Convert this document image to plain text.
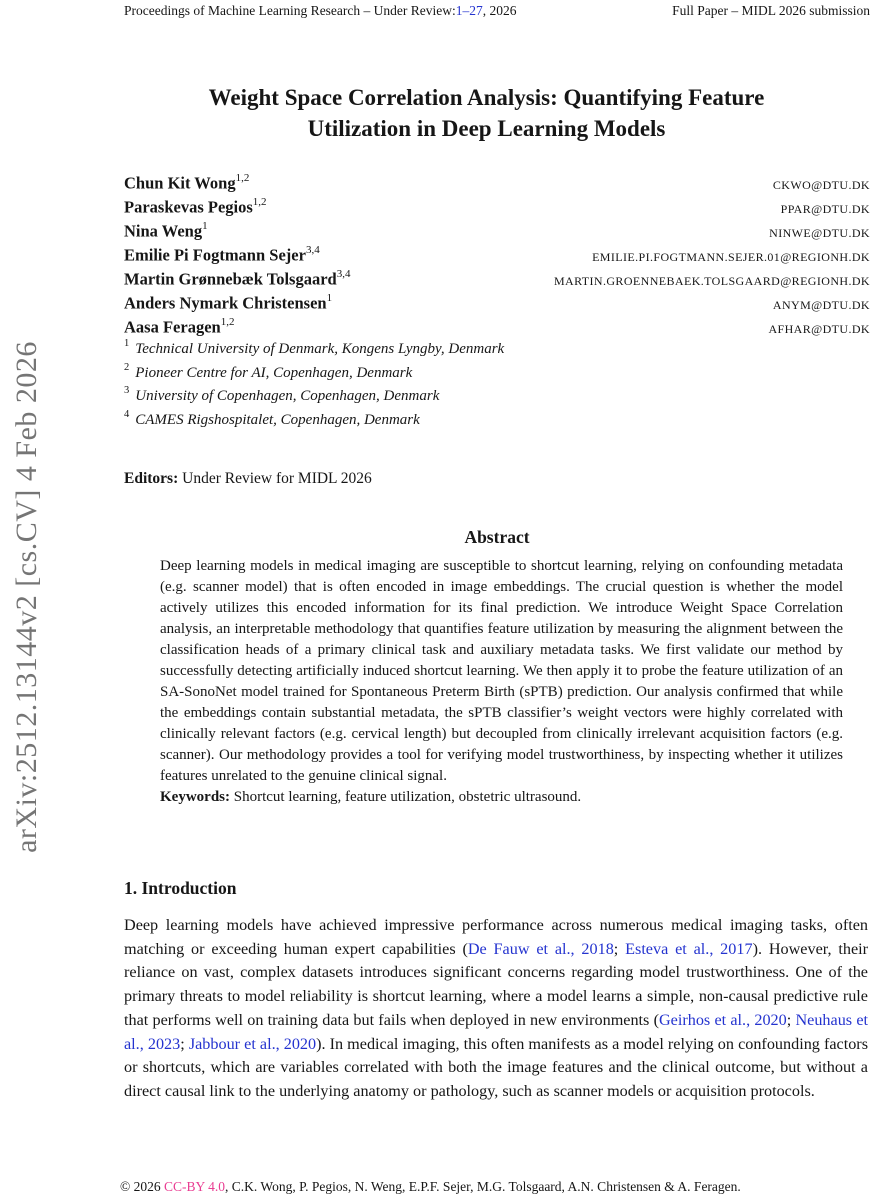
arXiv:2512.13144v2 [cs.CV] 4 Feb 2026
Proceedings of Machine Learning Research – Under Review:1–27, 2026	Full Paper – MIDL 2026 submission
Weight Space Correlation Analysis: Quantifying Feature
Utilization in Deep Learning Models
Chun Kit Wong$^{1,2}$	CKWO@DTU.DK
Paraskevas Pegios$^{1,2}$	PPAR@DTU.DK
Nina Weng$^1$	NINWE@DTU.DK
Emilie Pi Fogtmann Sejer$^{3,4}$	EMILIE.PI.FOGTMANN.SEJER.01@REGIONH.DK
Martin Grønnebæk Tolsgaard$^{3,4}$	MARTIN.GROENNEBAEK.TOLSGAARD@REGIONH.DK
Anders Nymark Christensen$^1$	ANYM@DTU.DK
Aasa Feragen$^{1,2}$	AFHAR@DTU.DK
$^1$ Technical University of Denmark, Kongens Lyngby, Denmark
$^2$ Pioneer Centre for AI, Copenhagen, Denmark
$^3$ University of Copenhagen, Copenhagen, Denmark
$^4$ CAMES Rigshospitalet, Copenhagen, Denmark
Editors: Under Review for MIDL 2026
Abstract
Deep learning models in medical imaging are susceptible to shortcut learning, relying on confounding metadata (e.g. scanner model) that is often encoded in image embeddings. The crucial question is whether the model actively utilizes this encoded information for its final prediction. We introduce Weight Space Correlation analysis, an interpretable methodology that quantifies feature utilization by measuring the alignment between the classification heads of a primary clinical task and auxiliary metadata tasks. We first validate our method by successfully detecting artificially induced shortcut learning. We then apply it to probe the feature utilization of an SA-SonoNet model trained for Spontaneous Preterm Birth (sPTB) prediction. Our analysis confirmed that while the embeddings contain substantial metadata, the sPTB classifier’s weight vectors were highly correlated with clinically relevant factors (e.g. cervical length) but decoupled from clinically irrelevant acquisition factors (e.g. scanner). Our methodology provides a tool for verifying model trustworthiness, by inspecting whether it utilizes features unrelated to the genuine clinical signal.
Keywords: Shortcut learning, feature utilization, obstetric ultrasound.
1. Introduction
Deep learning models have achieved impressive performance across numerous medical imaging tasks, often matching or exceeding human expert capabilities (De Fauw et al., 2018; Esteva et al., 2017). However, their reliance on vast, complex datasets introduces significant concerns regarding model trustworthiness. One of the primary threats to model reliability is shortcut learning, where a model learns a simple, non-causal predictive rule that performs well on training data but fails when deployed in new environments (Geirhos et al., 2020; Neuhaus et al., 2023; Jabbour et al., 2020). In medical imaging, this often manifests as a model relying on confounding factors or shortcuts, which are variables correlated with both the image features and the clinical outcome, but without a direct causal link to the underlying anatomy or pathology, such as scanner models or acquisition protocols.
© 2026 CC-BY 4.0, C.K. Wong, P. Pegios, N. Weng, E.P.F. Sejer, M.G. Tolsgaard, A.N. Christensen & A. Feragen.
